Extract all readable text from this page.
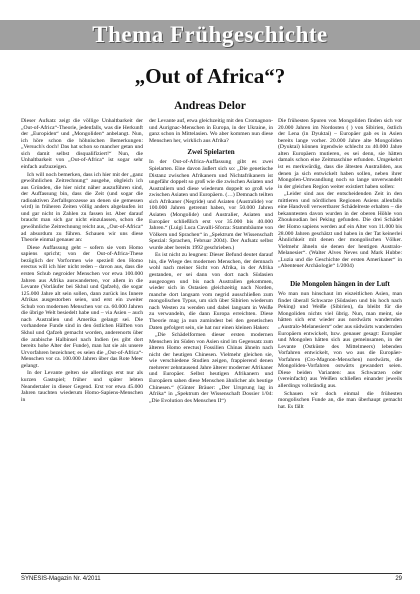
Thema Frühgeschichte
„Out of Africa“?
Andreas Delor

Dieser Aufsatz zeigt die völlige Unhaltbarkeit der „Out-of-Africa“-Theorie, jedenfalls, was die Herkunft der „Europiden“ und „Mongoliden“ anbelangt. Nun, ich höre schon die höhnischen Bemerkungen: „Versuch's doch! Das hat schon so mancher getan und sich damit selbst disqualifiziert!“ Nun, die Unhaltbarkeit von „Out-of-Africa“ ist sogar sehr einfach aufzuzeigen.

Ich will noch bemerken, dass ich hier mit der „ganz gewöhnlichen Zeitrechnung“ ausgehe, obgleich ich aus Gründen, die hier nicht näher auszuführen sind, der Auffassung bin, dass die Zeit (und sogar die radioaktiven Zerfallsprozesse an denen sie gemessen wird) in früheren Zeiten völlig anders abgelaufen ist und gar nicht in Zahlen zu fassen ist. Aber darauf braucht man sich gar nicht einzulassen, schon die gewöhnliche Zeitrechnung reicht aus, „Out-of-Africa“ ad absurdum zu führen. Schauen wir uns diese Theorie einmal genauer an:

Diese Auffassung geht – sofern sie vom Homo sapiens spricht; von der Out-of-Africa-These bezüglich der Vorformen wie speziell den Homo erectus will ich hier nicht reden – davon aus, dass die ersten Schub negroider Menschen vor etwa 100.000 Jahren aus Afrika auswanderten, vor allem in die Levante (Vorläufer bei Skhul und Qafzeh), die sogar 125.000 Jahre alt sein sollen, dann zurück ins Innere Afrikas ausgestorben seien, und erst ein zweiter Schub von modernen Menschen vor ca. 60.000 Jahren die übrige Welt besiedelt habe und – via Asien – auch nach Australien und Amerika gelangt sei. Die vorhandene Funde sind in den östlichen Hälften von Skhul und Qafzeh gemacht worden, anderenorts über die arabische Halbinsel nach Indien (es gibt dort bereits hohe Alter der Funde), man hat sie als unsere Urvorfahren bezeichnet; es seien die „Out-of-Africa“-Menschen vor ca. 100.000 Jahren über das Rote Meer gelangt.

In der Levante gelten sie allerdings erst nur als kurzen Gastspiel; früher und später lebten Neandertaler in dieser Gegend. Erst vor etwa 45.000 Jahren tauchten wiederum Homo-Sapiens-Menschen in

der Levante auf, etwa gleichzeitig mit den Cromagnon- und Aurignac-Menschen in Europa, in der Ukraine, in ganz schon in Mittelasien. Wo aber kommen nun diese Menschen her, wirklich aus Afrika?

Zwei Spielarten

In der Out-of-Africa-Auffassung gibt es zwei Spielarten. Eine davon äußert sich so: „Die genetische Distanz zwischen Afrikanern und Nichtafrikanern ist ungefähr doppelt so groß wie die zwischen Asiaten und Australiern und diese wiederum doppelt so groß wie zwischen Asiaten und Europäern. (…) Demnach teilten sich Afrikaner (Negride) und Asiaten (Australide) vor 100.000 Jahren getrennt haben, vor 50.000 Jahren Asiaten (Mongolide) und Australier, Asiaten und Europäer schließlich erst vor 35.000 bis 40.000 Jahren.“ (Luigi Luca Cavalli-Sforza: Stammbäume von Völkern und Sprachen“ in „Spektrum der Wissenschaft Spezial: Sprachen, Februar 2004). Der Aufsatz selbst wurde aber bereits 1992 geschrieben.)

Es ist nicht zu leugnen: Dieser Befund deutet darauf hin, die Wiege des modernen Menschen, der demnach wohl nach meiner Sicht von Afrika, in der Afrika gestanden, er sei dann von dort nach Südasien ausgezogen und bis nach Australien gekommen, wieder sich in Ostasien gleichzeitig nach Norden, manche dort langsam vom negrid ausschließen zum mongolischen Typus, um sich über Sibirien wiederum nach Westen zu wenden und dabei langsam in Weiße zu verwandeln, die dann Europa erreichten. Diese Theorie mag ja nun zumindest bei den genetischen Daten gefolgert sein, sie hat nur einen kleinen Haken:

„Die Schädelformen dieser ersten modernen Menschen im Süden von Asien sind im Gegensatz zum älteren Homo erectus) Fossilien Chinas ähneln nach nicht der heutigen Chinesen. Vielmehr gleichen sie, wie verschiedene Studien zeigen, frappierend denen mehrerer zehntausend Jahre älterer moderner Afrikaner und Europäer. Selbst heutigen Afrikanern und Europäern sahen diese Menschen ähnlicher als heutige Chinesen.“ (Günter Bräuer: „Der Ursprung lag in Afrika“ in „Spektrum der Wissenschaft Dossier 1/04: „Die Evolution des Menschen II“)

Die frühesten Spuren von Mongoliden finden sich vor 20.000 Jahren im Nordosten ( ) von Sibirien, östlich der Lena (in Dyuktai) – Europäer gab es in Asien bereits lange vorher. 20.000 Jahre alte Mongoliden (Dyuktai) können irgendwie schlecht zu 40.000 Jahre alten Europäern mutieren, es sei denn, sie hätten damals schon eine Zeitmaschine erfunden. Umgekehrt ist es merkwürdig, dass die ältesten Australiden, aus denen ja sich entwickelt haben sollen, neben ihrer Mongolen-Umwandlung noch so lange unverwandelt in der gleichen Region weiter existiert haben sollen:

„Leider sind aus der entscheidenden Zeit in den mittleren und nördlichen Regionen Asiens allenfalls eine Handvoll verwertbarer Schädelreste erhalten – die bekanntesten davon wurden in der oberen Höhle von Zhoukoudian bei Peking gefunden. Die drei Schädel der Homo sapiens werden auf ein Alter von 11.000 bis 28.000 Jahren geschätzt und haben in der Tat keinerlei Ähnlichkeit mit denen der mongolischen Völker. Vielmehr ähneln sie denen der heutigen Australo-Melanesier“. (Walter Alves Neves und Mark Hubbe: „Luzia und die Geschichte der ersten Amerikaner“ in „Abenteuer Archäologie“ 1/2004)

Die Mongolen hängen in der Luft

Wo man nun hinschaut im eiszeitlichen Asien, man findet überall Schwarze (Südasien und bis hoch nach Peking) und Weiße (Sibirien), da bleibt für die Mongoliden nichts viel übrig. Nun, man meint, sie hätten sich erst wieder aus nordwärts wandernden „Australo-Melanesiern“ oder aus südwärts wandernden Europäern entwickelt, bzw. genauer gesagt: Europäer und Mongolen hätten sich aus gemeinsamen, in der Levante (Ostküste des Mittelmeers) lebenden Vorfahren entwickelt, von wo aus die Europäer-Vorfahren (Cro-Magnon-Menschen) nordwärts, die Mongoliden-Vorfahren ostwärts gewandert seien. Diese beiden Varianten: aus Schwarzen oder (vereinfacht) aus Weißen schließen einander jeweils allerdings vollständig aus.

Schauen wir doch einmal die frühesten mongolischen Funde an, die man überhaupt gemacht hat. Es fällt

SYNESIS-Magazin Nr. 4/2011	29
